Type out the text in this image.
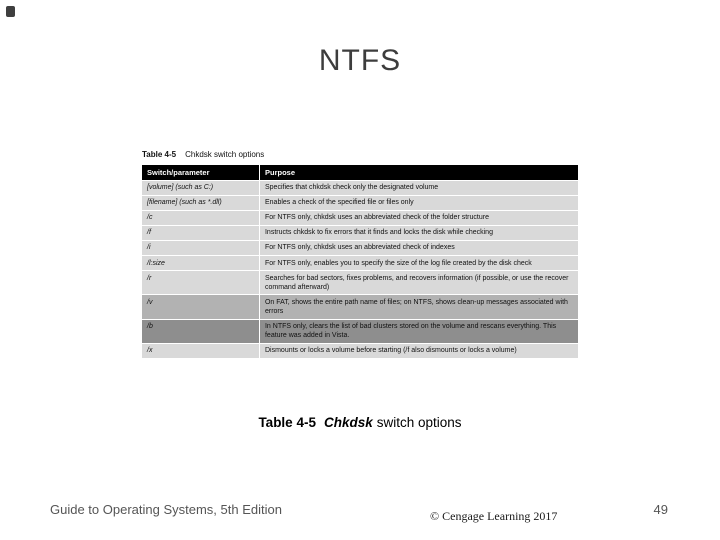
NTFS
Table 4-5 Chkdsk switch options
Switch/parameter	Purpose
[volume] (such as C:)	Specifies that chkdsk check only the designated volume
[filename] (such as *.dll)	Enables a check of the specified file or files only
/c	For NTFS only, chkdsk uses an abbreviated check of the folder structure
/f	Instructs chkdsk to fix errors that it finds and locks the disk while checking
/i	For NTFS only, chkdsk uses an abbreviated check of indexes
/l:size	For NTFS only, enables you to specify the size of the log file created by the disk check
/r	Searches for bad sectors, fixes problems, and recovers information (if possible, or use the recover command afterward)
/v	On FAT, shows the entire path name of files; on NTFS, shows clean-up messages associated with errors
/b	In NTFS only, clears the list of bad clusters stored on the volume and rescans everything. This feature was added in Vista.
/x	Dismounts or locks a volume before starting (/f also dismounts or locks a volume)
Table 4-5 Chkdsk switch options
Guide to Operating Systems, 5th Edition	© Cengage Learning 2017	49
